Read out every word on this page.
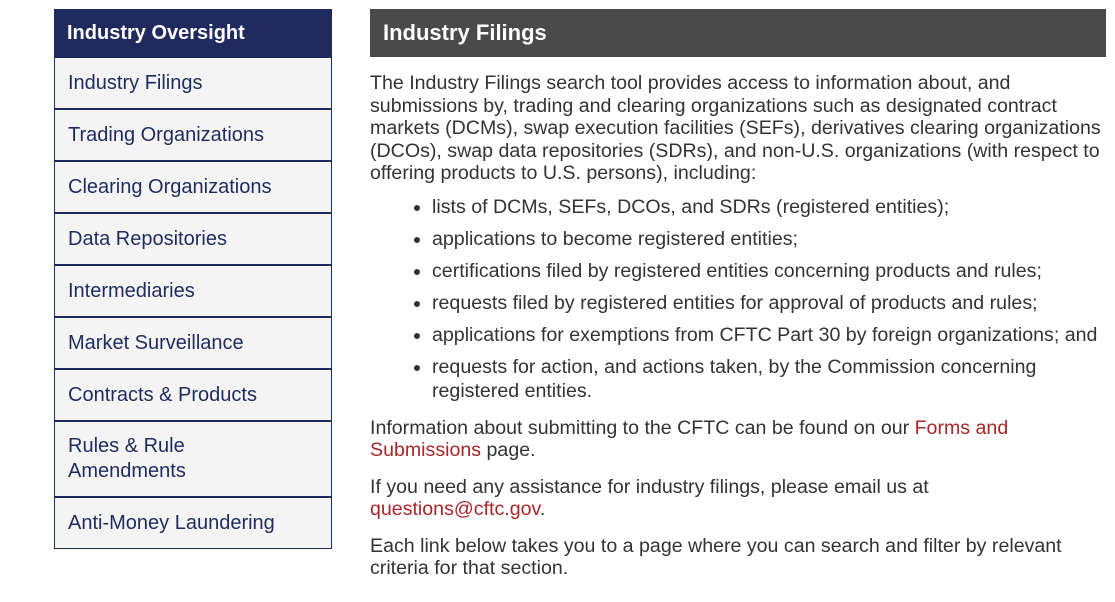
Industry Oversight
Industry Filings
Trading Organizations
Clearing Organizations
Data Repositories
Intermediaries
Market Surveillance
Contracts & Products
Rules & Rule Amendments
Anti-Money Laundering
Industry Filings

The Industry Filings search tool provides access to information about, and submissions by, trading and clearing organizations such as designated contract markets (DCMs), swap execution facilities (SEFs), derivatives clearing organizations (DCOs), swap data repositories (SDRs), and non-U.S. organizations (with respect to offering products to U.S. persons), including:

• lists of DCMs, SEFs, DCOs, and SDRs (registered entities);
• applications to become registered entities;
• certifications filed by registered entities concerning products and rules;
• requests filed by registered entities for approval of products and rules;
• applications for exemptions from CFTC Part 30 by foreign organizations; and
• requests for action, and actions taken, by the Commission concerning registered entities.

Information about submitting to the CFTC can be found on our Forms and Submissions page.

If you need any assistance for industry filings, please email us at questions@cftc.gov.

Each link below takes you to a page where you can search and filter by relevant criteria for that section.
